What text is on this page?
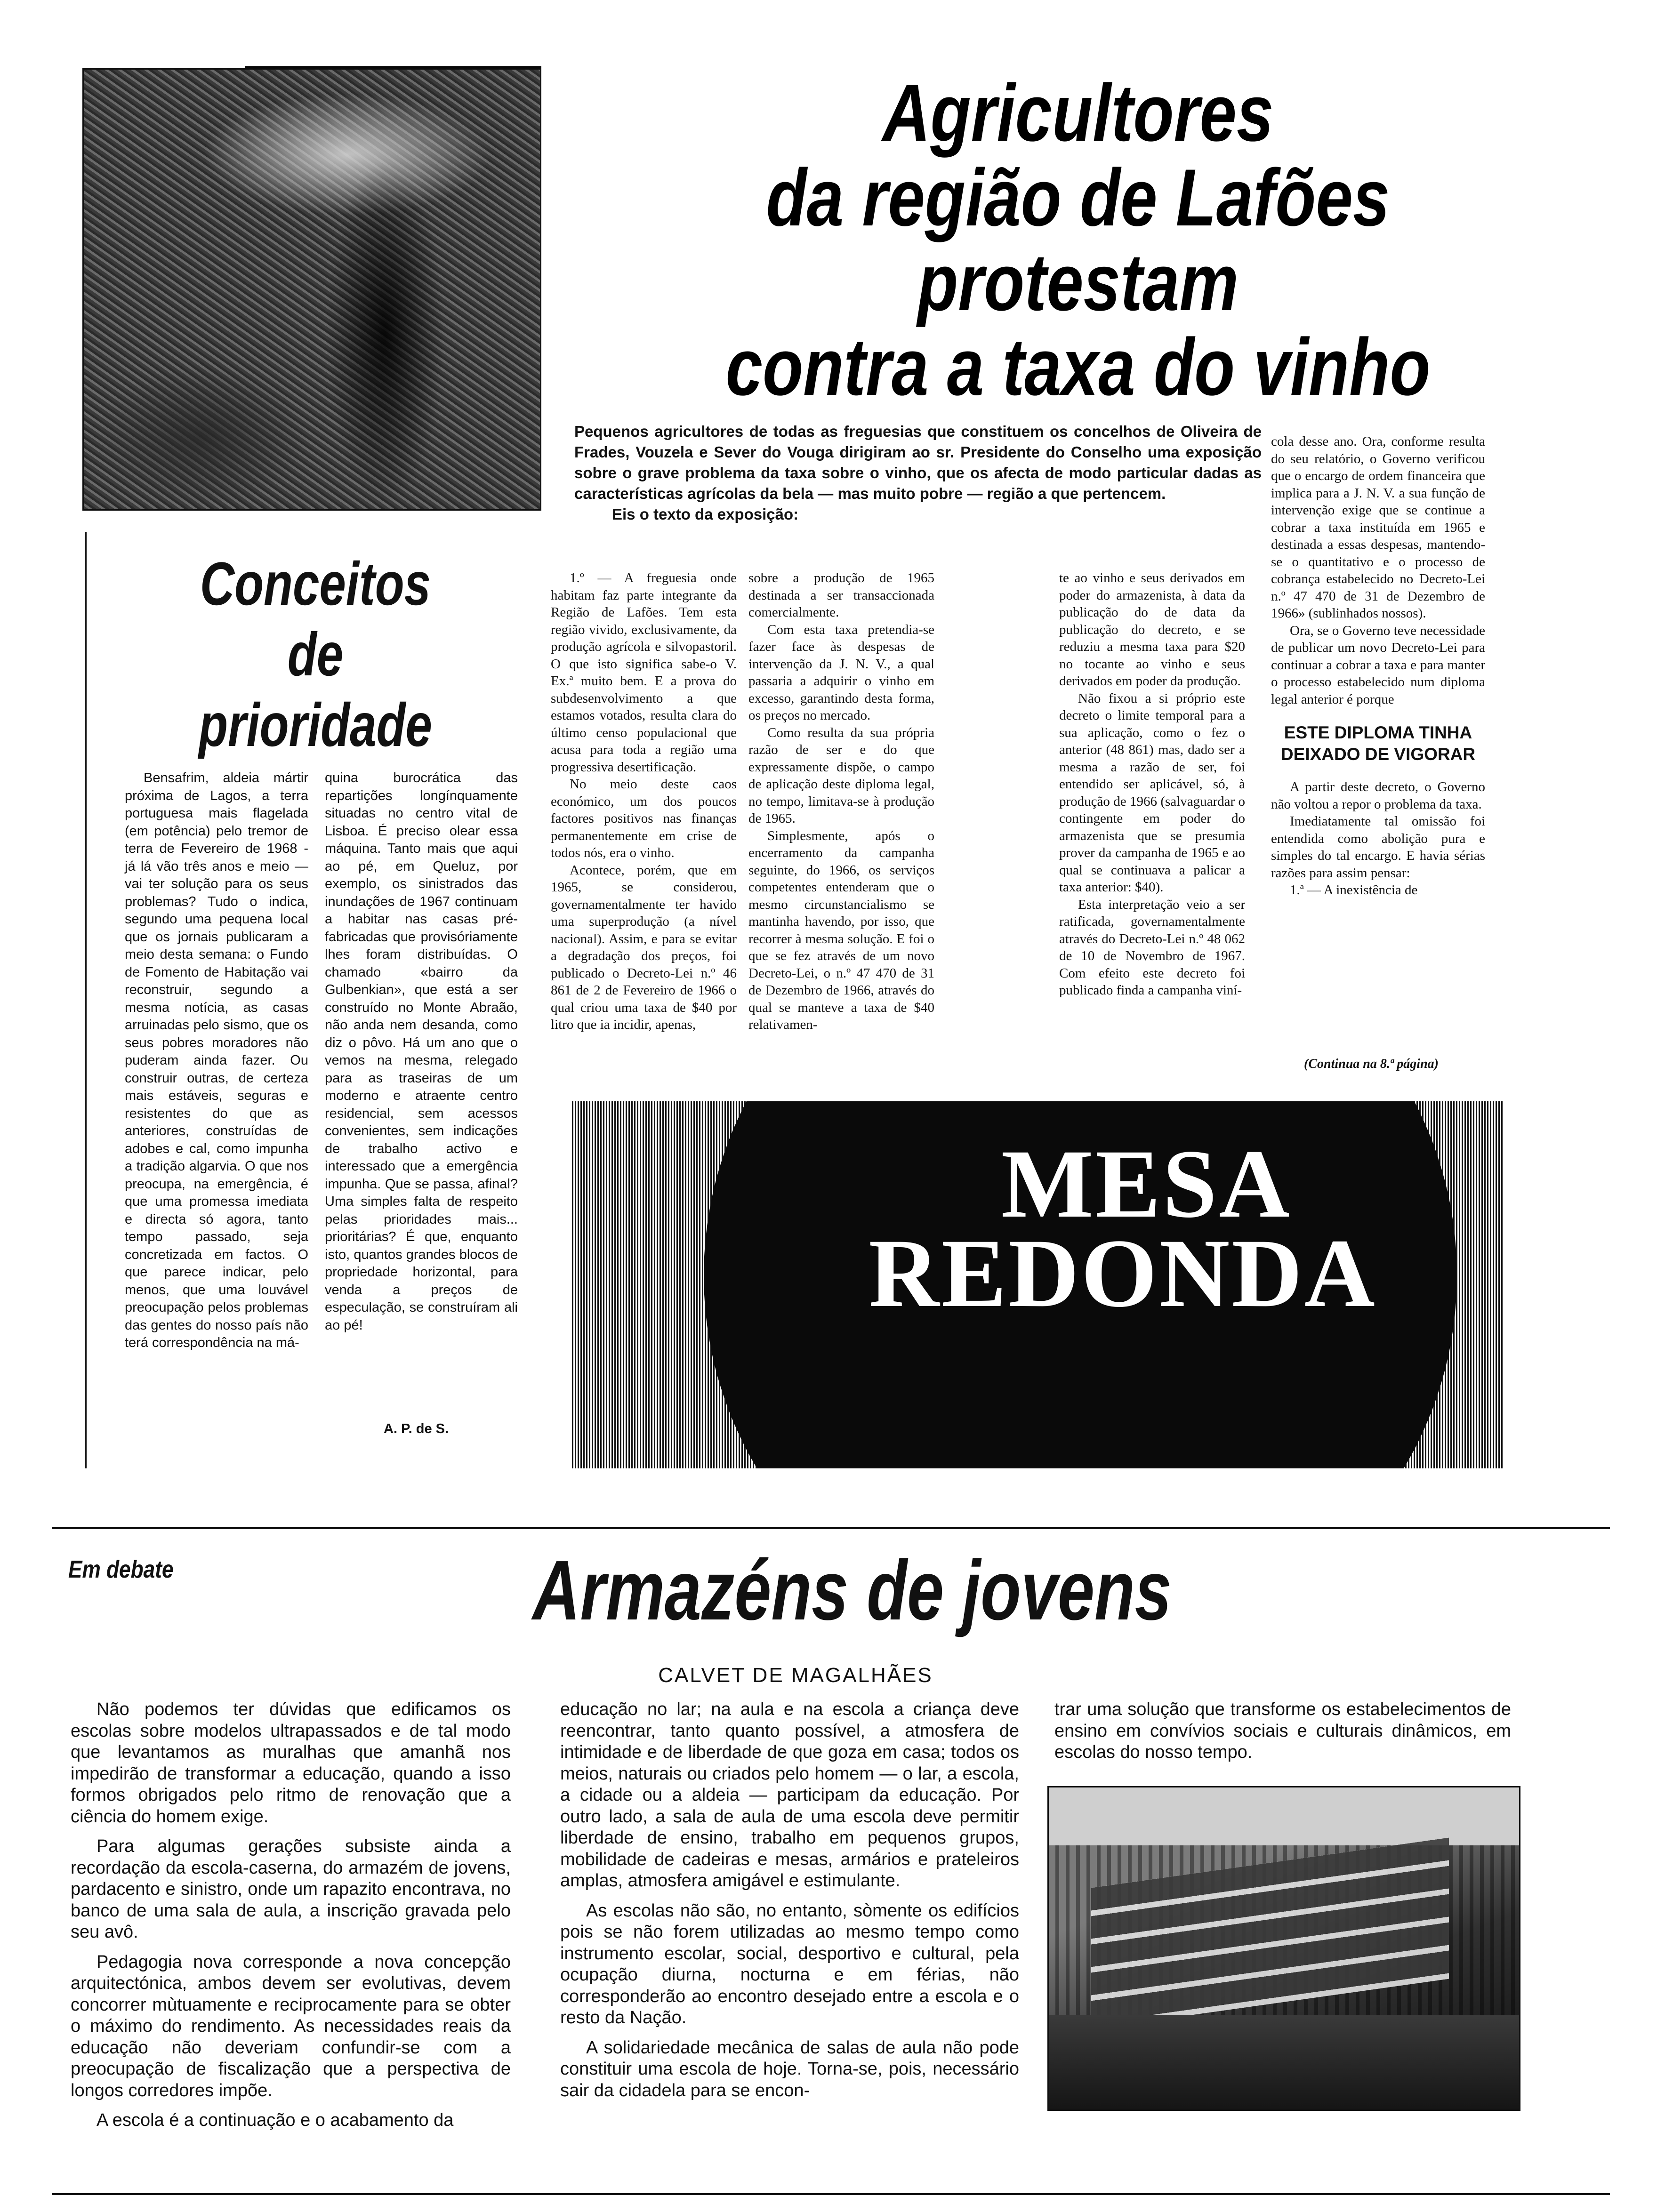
Agricultores
da região de Lafões
protestam
contra a taxa do vinho

Pequenos agricultores de todas as freguesias que constituem os concelhos de Oliveira de Frades, Vouzela e Sever do Vouga dirigiram ao sr. Presidente do Conselho uma exposição sobre o grave problema da taxa sobre o vinho, que os afecta de modo particular dadas as características agrícolas da bela — mas muito pobre — região a que pertencem.

Eis o texto da exposição:

1.º — A freguesia onde habitam faz parte integrante da Região de Lafões. Tem esta região vivido, exclusivamente, da produção agrícola e silvopastoril. O que isto significa sabe-o V. Ex.ª muito bem. E a prova do subdesenvolvimento a que estamos votados, resulta clara do último censo populacional que acusa para toda a região uma progressiva desertificação.

No meio deste caos económico, um dos poucos factores positivos nas finanças permanentemente em crise de todos nós, era o vinho.

Acontece, porém, que em 1965, se considerou, governamentalmente ter havido uma superprodução (a nível nacional). Assim, e para se evitar a degradação dos preços, foi publicado o Decreto-Lei n.º 46 861 de 2 de Fevereiro de 1966 o qual criou uma taxa de $40 por litro que ia incidir, apenas,

sobre a produção de 1965 destinada a ser transaccionada comercialmente.

Com esta taxa pretendia-se fazer face às despesas de intervenção da J. N. V., a qual passaria a adquirir o vinho em excesso, garantindo desta forma, os preços no mercado.

Como resulta da sua própria razão de ser e do que expressamente dispõe, o campo de aplicação deste diploma legal, no tempo, limitava-se à produção de 1965.

Simplesmente, após o encerramento da campanha seguinte, do 1966, os serviços competentes entenderam que o mesmo circunstancialismo se mantinha havendo, por isso, que recorrer à mesma solução. E foi o que se fez através de um novo Decreto-Lei, o n.º 47 470 de 31 de Dezembro de 1966, através do qual se manteve a taxa de $40 relativamen-

te ao vinho e seus derivados em poder do armazenista, à data da publicação do de data da publicação do decreto, e se reduziu a mesma taxa para $20 no tocante ao vinho e seus derivados em poder da produção.

Não fixou a si próprio este decreto o limite temporal para a sua aplicação, como o fez o anterior (48 861) mas, dado ser a mesma a razão de ser, foi entendido ser aplicável, só, à produção de 1966 (salvaguardar o contingente em poder do armazenista que se presumia prover da campanha de 1965 e ao qual se continuava a palicar a taxa anterior: $40).

Esta interpretação veio a ser ratificada, governamentalmente através do Decreto-Lei n.º 48 062 de 10 de Novembro de 1967. Com efeito este decreto foi publicado finda a campanha viní-

cola desse ano. Ora, conforme resulta do seu relatório, o Governo verificou que o encargo de ordem financeira que implica para a J. N. V. a sua função de intervenção exige que se continue a cobrar a taxa instituída em 1965 e destinada a essas despesas, mantendo-se o quantitativo e o processo de cobrança estabelecido no Decreto-Lei n.º 47 470 de 31 de Dezembro de 1966» (sublinhados nossos).

Ora, se o Governo teve necessidade de publicar um novo Decreto-Lei para continuar a cobrar a taxa e para manter o processo estabelecido num diploma legal anterior é porque

ESTE DIPLOMA TINHA DEIXADO DE VIGORAR

A partir deste decreto, o Governo não voltou a repor o problema da taxa.

Imediatamente tal omissão foi entendida como abolição pura e simples do tal encargo. E havia sérias razões para assim pensar:

1.ª — A inexistência de

(Continua na 8.ª página)
Conceitos
de
prioridade

Bensafrim, aldeia mártir próxima de Lagos, a terra portuguesa mais flagelada (em potência) pelo tremor de terra de Fevereiro de 1968 - já lá vão três anos e meio — vai ter solução para os seus problemas? Tudo o indica, segundo uma pequena local que os jornais publicaram a meio desta semana: o Fundo de Fomento de Habitação vai reconstruir, segundo a mesma notícia, as casas arruinadas pelo sismo, que os seus pobres moradores não puderam ainda fazer. Ou construir outras, de certeza mais estáveis, seguras e resistentes do que as anteriores, construídas de adobes e cal, como impunha a tradição algarvia. O que nos preocupa, na emergência, é que uma promessa imediata e directa só agora, tanto tempo passado, seja concretizada em factos. O que parece indicar, pelo menos, que uma louvável preocupação pelos problemas das gentes do nosso país não terá correspondência na má-

quina burocrática das repartições longínquamente situadas no centro vital de Lisboa. É preciso olear essa máquina. Tanto mais que aqui ao pé, em Queluz, por exemplo, os sinistrados das inundações de 1967 continuam a habitar nas casas pré-fabricadas que provisóriamente lhes foram distribuídas. O chamado «bairro da Gulbenkian», que está a ser construído no Monte Abraão, não anda nem desanda, como diz o pôvo. Há um ano que o vemos na mesma, relegado para as traseiras de um moderno e atraente centro residencial, sem acessos convenientes, sem indicações de trabalho activo e interessado que a emergência impunha. Que se passa, afinal? Uma simples falta de respeito pelas prioridades mais... prioritárias? É que, enquanto isto, quantos grandes blocos de propriedade horizontal, para venda a preços de especulação, se construíram ali ao pé!

A. P. de S.
MESA
REDONDA
Em debate	Armazéns de jovens
CALVET DE MAGALHÃES

Não podemos ter dúvidas que edificamos os escolas sobre modelos ultrapassados e de tal modo que levantamos as muralhas que amanhã nos impedirão de transformar a educação, quando a isso formos obrigados pelo ritmo de renovação que a ciência do homem exige.

Para algumas gerações subsiste ainda a recordação da escola-caserna, do armazém de jovens, pardacento e sinistro, onde um rapazito encontrava, no banco de uma sala de aula, a inscrição gravada pelo seu avô.

Pedagogia nova corresponde a nova concepção arquitectónica, ambos devem ser evolutivas, devem concorrer mùtuamente e reciprocamente para se obter o máximo do rendimento. As necessidades reais da educação não deveriam confundir-se com a preocupação de fiscalização que a perspectiva de longos corredores impõe.

A escola é a continuação e o acabamento da

educação no lar; na aula e na escola a criança deve reencontrar, tanto quanto possível, a atmosfera de intimidade e de liberdade de que goza em casa; todos os meios, naturais ou criados pelo homem — o lar, a escola, a cidade ou a aldeia — participam da educação. Por outro lado, a sala de aula de uma escola deve permitir liberdade de ensino, trabalho em pequenos grupos, mobilidade de cadeiras e mesas, armários e prateleiros amplas, atmosfera amigável e estimulante.

As escolas não são, no entanto, sòmente os edifícios pois se não forem utilizadas ao mesmo tempo como instrumento escolar, social, desportivo e cultural, pela ocupação diurna, nocturna e em férias, não corresponderão ao encontro desejado entre a escola e o resto da Nação.

A solidariedade mecânica de salas de aula não pode constituir uma escola de hoje. Torna-se, pois, necessário sair da cidadela para se encon-

trar uma solução que transforme os estabelecimentos de ensino em convívios sociais e culturais dinâmicos, em escolas do nosso tempo.
